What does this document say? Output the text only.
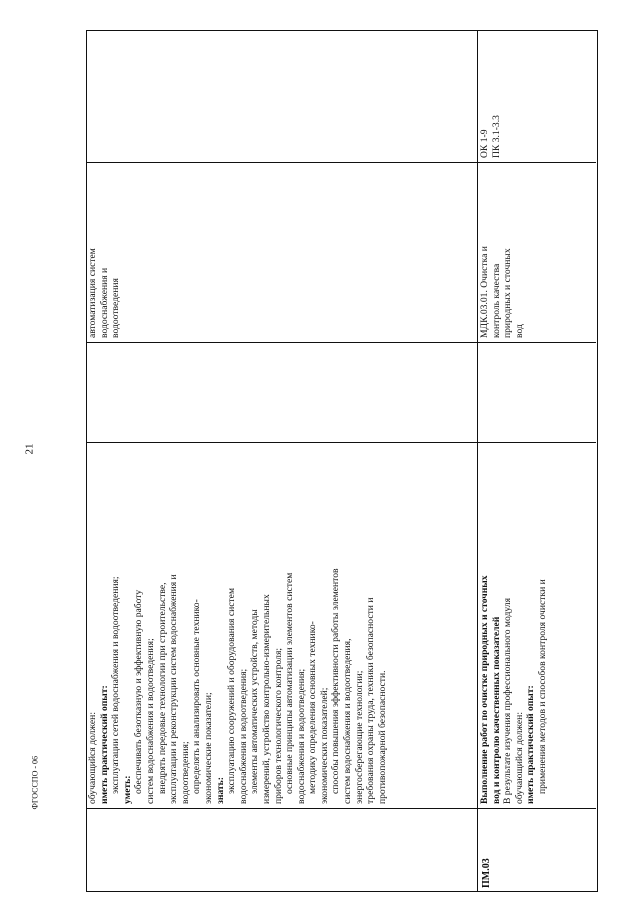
21
ФГОССПО - 06	обучающийся должен: иметь практический опыт: эксплуатации сетей водоснабжения и водоотведения; уметь: обеспечивать безотказную и эффективную работу систем водоснабжения и водоотведения; внедрять передовые технологии при строительстве, эксплуатации и реконструкции систем водоснабжения и водоотведения; определять и анализировать основные технико- экономические показатели; знать: эксплуатацию сооружений и оборудования систем водоснабжения и водоотведения; элементы автоматических устройств, методы измерений, устройство контрольно-измерительных приборов технологического контроля; основные принципы автоматизации элементов систем водоснабжения и водоотведения; методику определения основных технико- экономических показателей; способы повышения эффективности работы элементов систем водоснабжения и водоотведения, энергосберегающие технологии; требования охраны труда, техники безопасности и противопожарной безопасности.
автоматизация систем водоснабжения и водоотведения
ПМ.03
Выполнение работ по очистке природных и сточных вод и контролю качественных показателей В результате изучения профессионального модуля обучающийся должен: иметь практический опыт: применения методов и способов контроля очистки и
МДК.03.01. Очистка и контроль качества природных и сточных вод
ОК 1-9 ПК 3.1-3.3
